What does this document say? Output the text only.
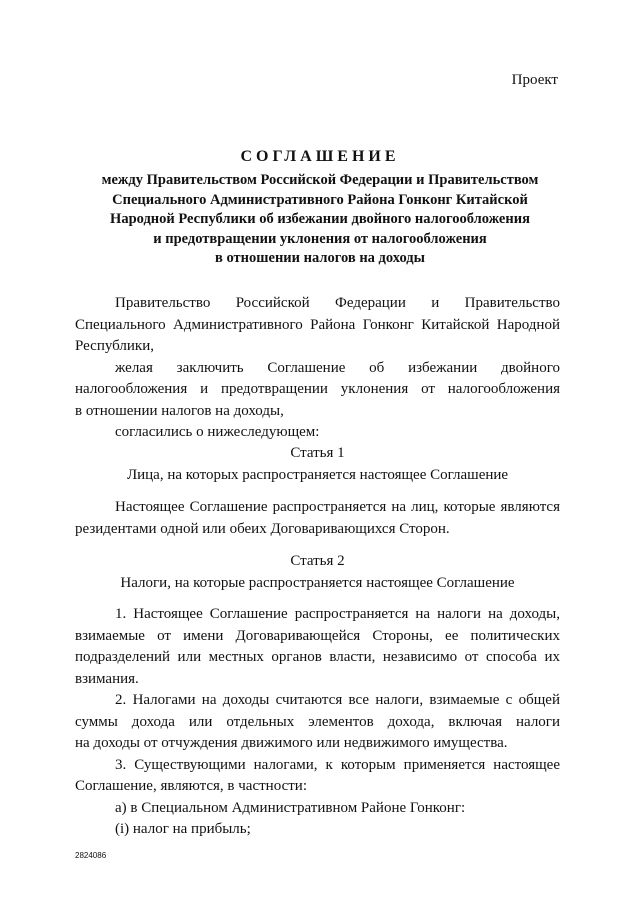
Проект
СОГЛАШЕНИЕ
между Правительством Российской Федерации и Правительством
Специального Административного Района Гонконг Китайской
Народной Республики об избежании двойного налогообложения
и предотвращении уклонения от налогообложения
в отношении налогов на доходы
Правительство Российской Федерации и Правительство
Специального Административного Района Гонконг Китайской Народной
Республики,
желая заключить Соглашение об избежании двойного
налогообложения и предотвращении уклонения от налогообложения
в отношении налогов на доходы,
согласились о нижеследующем:
Статья 1
Лица, на которых распространяется настоящее Соглашение
Настоящее Соглашение распространяется на лиц, которые являются
резидентами одной или обеих Договаривающихся Сторон.
Статья 2
Налоги, на которые распространяется настоящее Соглашение
1. Настоящее Соглашение распространяется на налоги на доходы,
взимаемые от имени Договаривающейся Стороны, ее политических
подразделений или местных органов власти, независимо от способа их
взимания.
2. Налогами на доходы считаются все налоги, взимаемые с общей
суммы дохода или отдельных элементов дохода, включая налоги
на доходы от отчуждения движимого или недвижимого имущества.
3. Существующими налогами, к которым применяется настоящее
Соглашение, являются, в частности:
а) в Специальном Административном Районе Гонконг:
(i) налог на прибыль;
2824086
